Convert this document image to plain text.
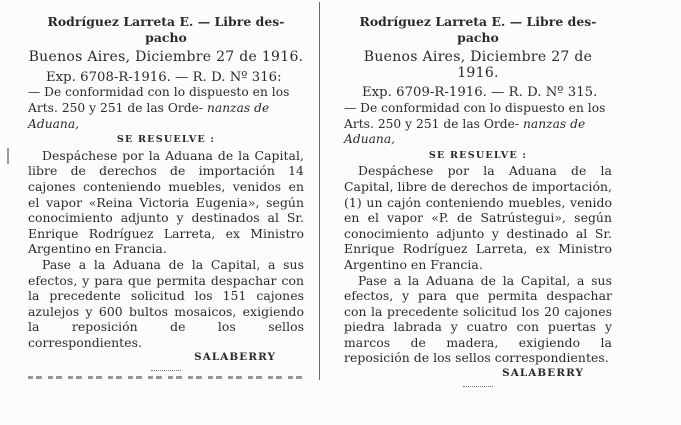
Rodríguez Larreta E. — Libre des-
pacho
Buenos Aires, Diciembre 27 de 1916.
Exp. 6708-R-1916. — R. D. Nº 316:
— De conformidad con lo dispuesto en los Arts. 250 y 251 de las Orde- nanzas de Aduana,
SE RESUELVE :
Despáchese por la Aduana de la Capital, libre de derechos de importación 14 cajones conteniendo muebles, venidos en el vapor «Reina Victoria Eugenia», según conocimiento adjunto y destinados al Sr. Enrique Rodríguez Larreta, ex Ministro Argentino en Francia.
Pase a la Aduana de la Capital, a sus efectos, y para que permita despachar con la precedente solicitud los 151 cajones azulejos y 600 bultos mosaicos, exigiendo la reposición de los sellos correspondientes.
SALABERRY
Rodríguez Larreta E. — Libre des-
pacho
Buenos Aires, Diciembre 27 de 1916.
Exp. 6709-R-1916. — R. D. Nº 315.
— De conformidad con lo dispuesto en los Arts. 250 y 251 de las Orde- nanzas de Aduana,
SE RESUELVE :
Despáchese por la Aduana de la Capital, libre de derechos de importación, (1) un cajón conteniendo muebles, venido en el vapor «P. de Satrústegui», según conocimiento adjunto y destinado al Sr. Enrique Rodríguez Larreta, ex Ministro Argentino en Francia.
Pase a la Aduana de la Capital, a sus efectos, y para que permita despachar con la precedente solicitud los 20 cajones piedra labrada y cuatro con puertas y marcos de madera, exigiendo la reposición de los sellos correspondientes.
SALABERRY
